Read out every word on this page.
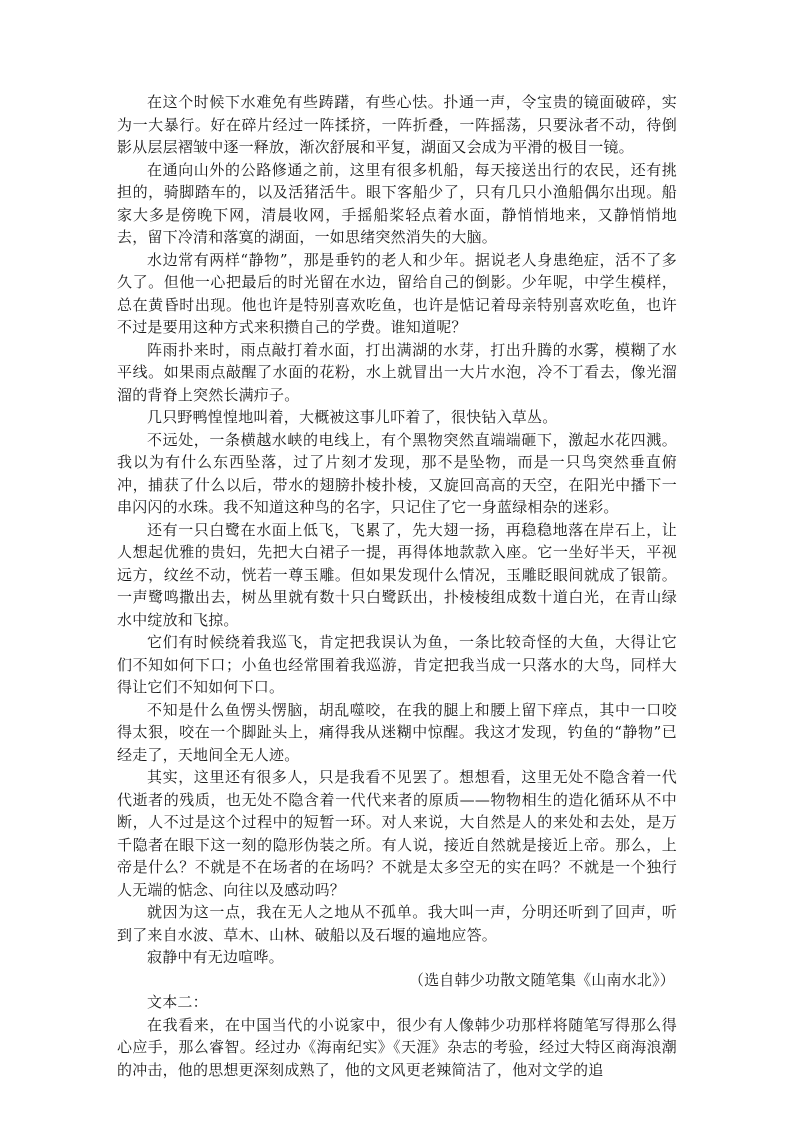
在这个时候下水难免有些踌躇，有些心怯。扑通一声，令宝贵的镜面破碎，实为一大暴行。好在碎片经过一阵揉挤，一阵折叠，一阵摇荡，只要泳者不动，待倒影从层层褶皱中逐一释放，渐次舒展和平复，湖面又会成为平滑的极目一镜。

在通向山外的公路修通之前，这里有很多机船，每天接送出行的农民，还有挑担的，骑脚踏车的，以及活猪活牛。眼下客船少了，只有几只小渔船偶尔出现。船家大多是傍晚下网，清晨收网，手摇船桨轻点着水面，静悄悄地来，又静悄悄地去，留下冷清和落寞的湖面，一如思绪突然消失的大脑。

水边常有两样“静物”，那是垂钓的老人和少年。据说老人身患绝症，活不了多久了。但他一心把最后的时光留在水边，留给自己的倒影。少年呢，中学生模样，总在黄昏时出现。他也许是特别喜欢吃鱼，也许是惦记着母亲特别喜欢吃鱼，也许不过是要用这种方式来积攒自己的学费。谁知道呢？

阵雨扑来时，雨点敲打着水面，打出满湖的水芽，打出升腾的水雾，模糊了水平线。如果雨点敲醒了水面的花粉，水上就冒出一大片水泡，冷不丁看去，像光溜溜的背脊上突然长满疖子。

几只野鸭惶惶地叫着，大概被这事儿吓着了，很快钻入草丛。

不远处，一条横越水峡的电线上，有个黑物突然直端端砸下，激起水花四溅。我以为有什么东西坠落，过了片刻才发现，那不是坠物，而是一只鸟突然垂直俯冲，捕获了什么以后，带水的翅膀扑棱扑棱，又旋回高高的天空，在阳光中播下一串闪闪的水珠。我不知道这种鸟的名字，只记住了它一身蓝绿相杂的迷彩。

还有一只白鹭在水面上低飞，飞累了，先大翅一扬，再稳稳地落在岸石上，让人想起优雅的贵妇，先把大白裙子一提，再得体地款款入座。它一坐好半天，平视远方，纹丝不动，恍若一尊玉雕。但如果发现什么情况，玉雕眨眼间就成了银箭。一声鹭鸣撒出去，树丛里就有数十只白鹭跃出，扑棱棱组成数十道白光，在青山绿水中绽放和飞掠。

它们有时候绕着我巡飞，肯定把我误认为鱼，一条比较奇怪的大鱼，大得让它们不知如何下口；小鱼也经常围着我巡游，肯定把我当成一只落水的大鸟，同样大得让它们不知如何下口。

不知是什么鱼愣头愣脑，胡乱噬咬，在我的腿上和腰上留下痒点，其中一口咬得太狠，咬在一个脚趾头上，痛得我从迷糊中惊醒。我这才发现，钓鱼的“静物”已经走了，天地间全无人迹。

其实，这里还有很多人，只是我看不见罢了。想想看，这里无处不隐含着一代代逝者的残质，也无处不隐含着一代代来者的原质——物物相生的造化循环从不中断，人不过是这个过程中的短暂一环。对人来说，大自然是人的来处和去处，是万千隐者在眼下这一刻的隐形伪装之所。有人说，接近自然就是接近上帝。那么，上帝是什么？不就是不在场者的在场吗？不就是太多空无的实在吗？不就是一个独行人无端的惦念、向往以及感动吗？

就因为这一点，我在无人之地从不孤单。我大叫一声，分明还听到了回声，听到了来自水波、草木、山林、破船以及石堰的遍地应答。

寂静中有无边喧哗。

（选自韩少功散文随笔集《山南水北》）

文本二：

在我看来，在中国当代的小说家中，很少有人像韩少功那样将随笔写得那么得心应手，那么睿智。经过办《海南纪实》《天涯》杂志的考验，经过大特区商海浪潮的冲击，他的思想更深刻成熟了，他的文风更老辣简洁了，他对文学的追
